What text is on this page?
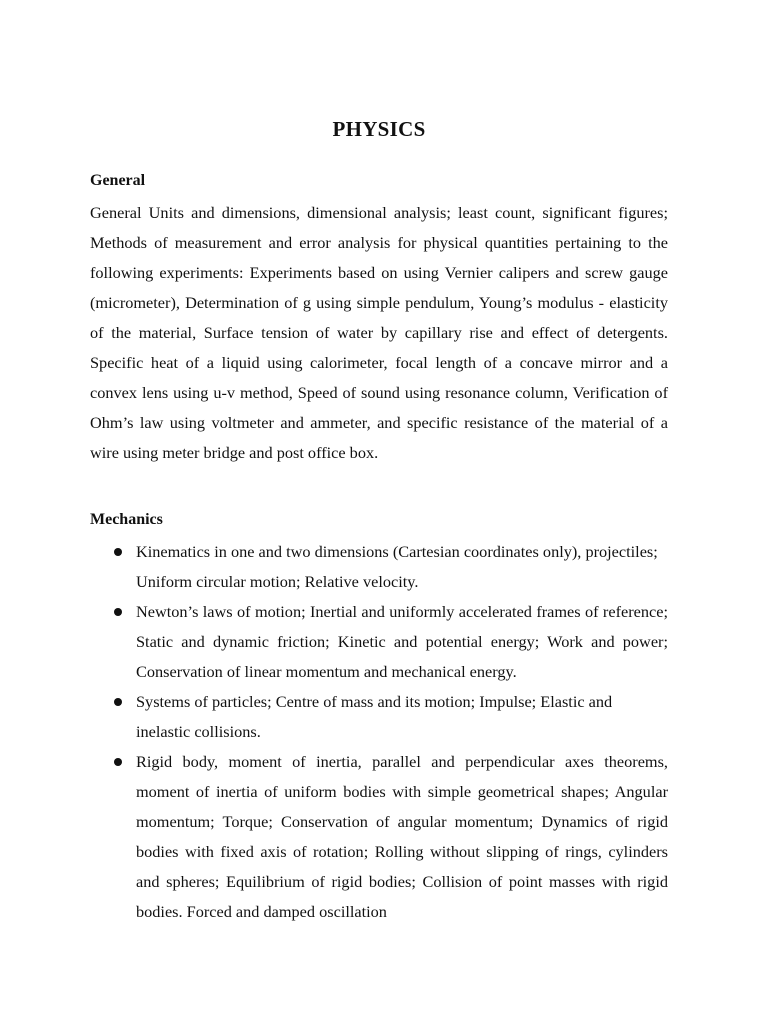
PHYSICS
General
General Units and dimensions, dimensional analysis; least count, significant figures; Methods of measurement and error analysis for physical quantities pertaining to the following experiments: Experiments based on using Vernier calipers and screw gauge (micrometer), Determination of g using simple pendulum, Young’s modulus - elasticity of the material, Surface tension of water by capillary rise and effect of detergents. Specific heat of a liquid using calorimeter, focal length of a concave mirror and a convex lens using u-v method, Speed of sound using resonance column, Verification of Ohm’s law using voltmeter and ammeter, and specific resistance of the material of a wire using meter bridge and post office box.
Mechanics
Kinematics in one and two dimensions (Cartesian coordinates only), projectiles; Uniform circular motion; Relative velocity.
Newton’s laws of motion; Inertial and uniformly accelerated frames of reference; Static and dynamic friction; Kinetic and potential energy; Work and power; Conservation of linear momentum and mechanical energy.
Systems of particles; Centre of mass and its motion; Impulse; Elastic and inelastic collisions.
Rigid body, moment of inertia, parallel and perpendicular axes theorems, moment of inertia of uniform bodies with simple geometrical shapes; Angular momentum; Torque; Conservation of angular momentum; Dynamics of rigid bodies with fixed axis of rotation; Rolling without slipping of rings, cylinders and spheres; Equilibrium of rigid bodies; Collision of point masses with rigid bodies. Forced and damped oscillation
